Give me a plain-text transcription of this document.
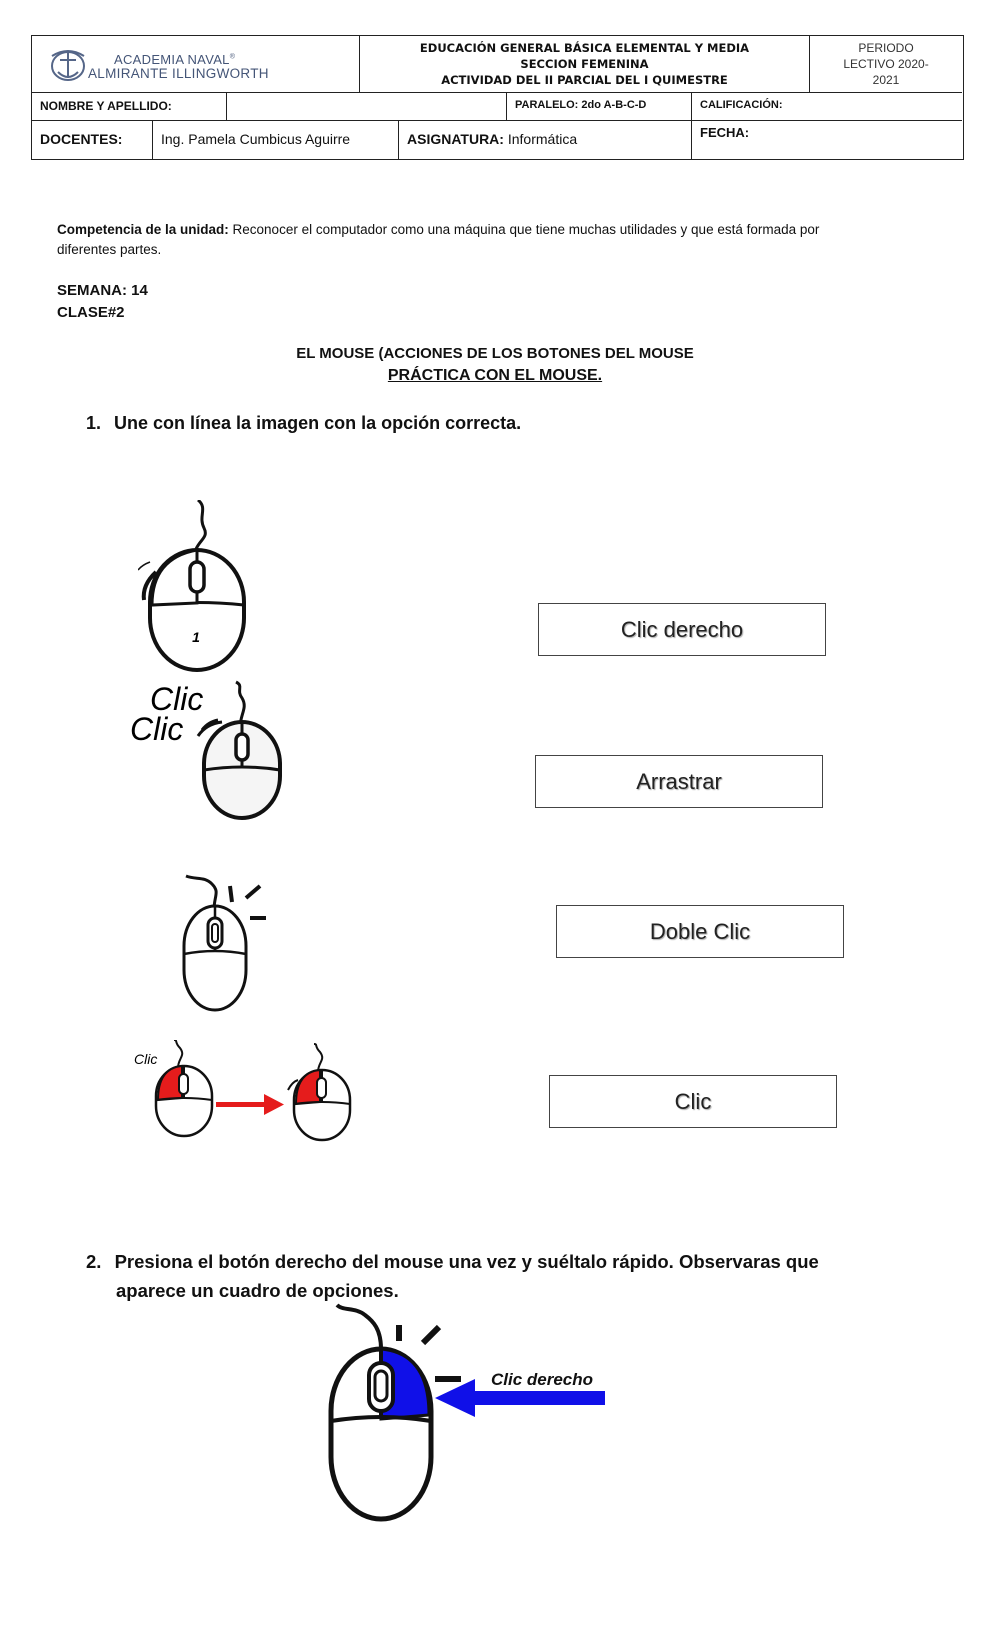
ACADEMIA NAVAL®
ALMIRANTE ILLINGWORTH
EDUCACIÓN GENERAL BÁSICA ELEMENTAL Y MEDIA
SECCION FEMENINA
ACTIVIDAD DEL II PARCIAL DEL I QUIMESTRE
PERIODO
LECTIVO 2020-
2021
NOMBRE Y APELLIDO:	PARALELO: 2do A-B-C-D	CALIFICACIÓN:
DOCENTES:	Ing. Pamela Cumbicus Aguirre	ASIGNATURA: Informática	FECHA:
Competencia de la unidad: Reconocer el computador como una máquina que tiene muchas utilidades y que está formada por
diferentes partes.
SEMANA: 14
CLASE#2
EL MOUSE (ACCIONES DE LOS BOTONES DEL MOUSE
PRÁCTICA CON EL MOUSE.
1. Une con línea la imagen con la opción correcta.
1
Clic
Clic
Clic
Clic derecho
Arrastrar
Doble Clic
Clic
2. Presiona el botón derecho del mouse una vez y suéltalo rápido. Observaras que
aparece un cuadro de opciones.
Clic derecho
